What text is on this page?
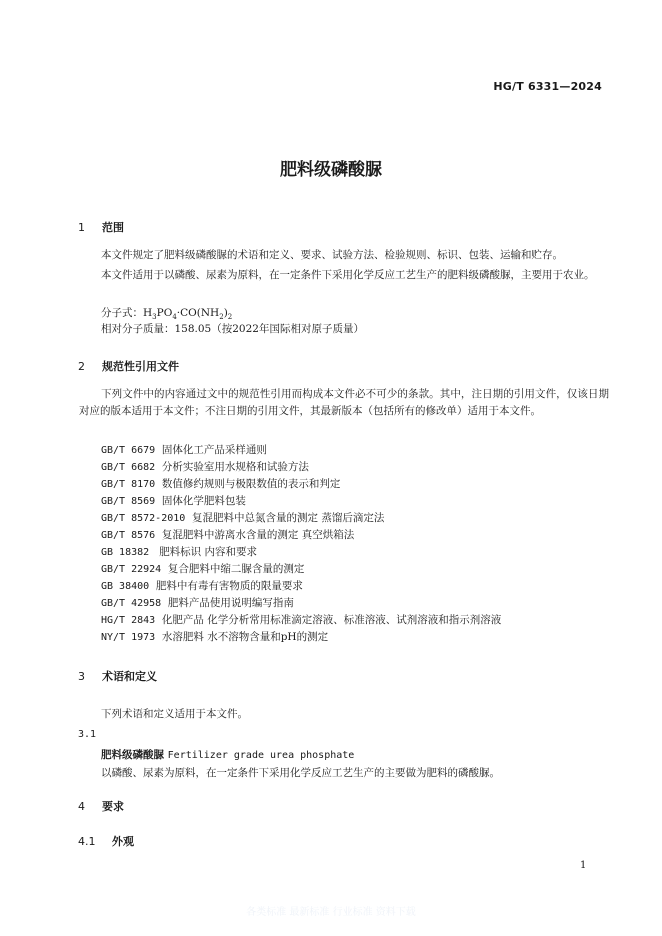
HG/T 6331—2024
肥料级磷酸脲
1 范围
本文件规定了肥料级磷酸脲的术语和定义、要求、试验方法、检验规则、标识、包装、运输和贮存。
本文件适用于以磷酸、尿素为原料，在一定条件下采用化学反应工艺生产的肥料级磷酸脲，主要用于农业。
分子式：$H_3PO_4\cdot CO(NH_2)_2$
相对分子质量：158.05（按2022年国际相对原子质量）
2 规范性引用文件
下列文件中的内容通过文中的规范性引用而构成本文件必不可少的条款。其中，注日期的引用文件，仅该日期对应的版本适用于本文件；不注日期的引用文件，其最新版本（包括所有的修改单）适用于本文件。
GB/T 6679 固体化工产品采样通则
GB/T 6682 分析实验室用水规格和试验方法
GB/T 8170 数值修约规则与极限数值的表示和判定
GB/T 8569 固体化学肥料包装
GB/T 8572-2010 复混肥料中总氮含量的测定 蒸馏后滴定法
GB/T 8576 复混肥料中游离水含量的测定 真空烘箱法
GB 18382 肥料标识 内容和要求
GB/T 22924 复合肥料中缩二脲含量的测定
GB 38400 肥料中有毒有害物质的限量要求
GB/T 42958 肥料产品使用说明编写指南
HG/T 2843 化肥产品 化学分析常用标准滴定溶液、标准溶液、试剂溶液和指示剂溶液
NY/T 1973 水溶肥料 水不溶物含量和pH的测定
3 术语和定义
下列术语和定义适用于本文件。
3.1
肥料级磷酸脲 Fertilizer grade urea phosphate
以磷酸、尿素为原料，在一定条件下采用化学反应工艺生产的主要做为肥料的磷酸脲。
4 要求
4.1 外观
1
各类标准 最新标准 行业标准 资料下载
